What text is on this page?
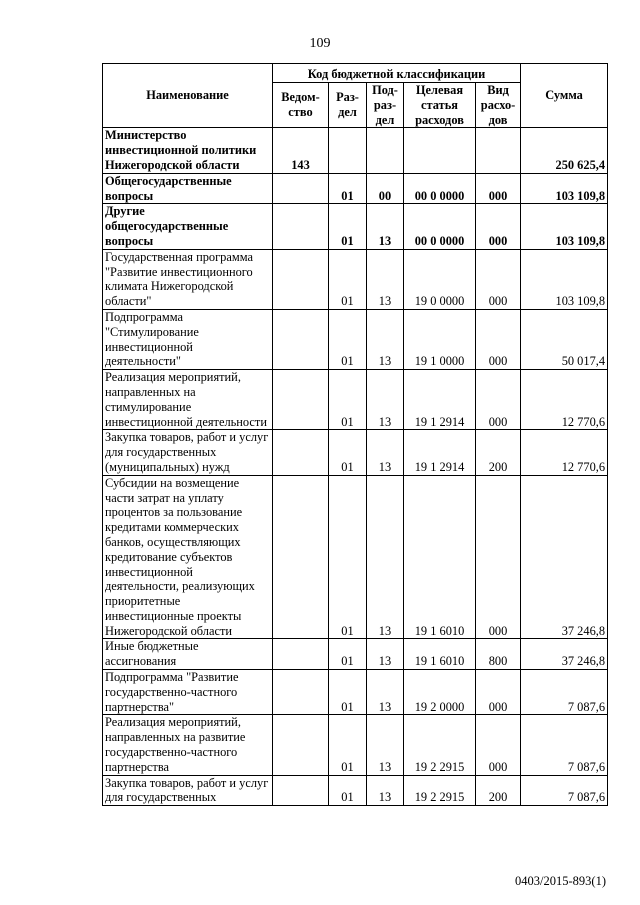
109
Наименование	Код бюджетной классификации					Сумма
	Ведом-ство	Раз-дел	Под-раз-дел	Целевая статья расходов	Вид расхо-дов	
Министерство инвестиционной политики Нижегородской области	143					250 625,4
Общегосударственные вопросы		01	00	00 0 0000	000	103 109,8
Другие общегосударственные вопросы		01	13	00 0 0000	000	103 109,8
Государственная программа "Развитие инвестиционного климата Нижегородской области"		01	13	19 0 0000	000	103 109,8
Подпрограмма "Стимулирование инвестиционной деятельности"		01	13	19 1 0000	000	50 017,4
Реализация мероприятий, направленных на стимулирование инвестиционной деятельности		01	13	19 1 2914	000	12 770,6
Закупка товаров, работ и услуг для государственных (муниципальных) нужд		01	13	19 1 2914	200	12 770,6
Субсидии на возмещение части затрат на уплату процентов за пользование кредитами коммерческих банков, осуществляющих кредитование субъектов инвестиционной деятельности, реализующих приоритетные инвестиционные проекты Нижегородской области		01	13	19 1 6010	000	37 246,8
Иные бюджетные ассигнования		01	13	19 1 6010	800	37 246,8
Подпрограмма "Развитие государственно-частного партнерства"		01	13	19 2 0000	000	7 087,6
Реализация мероприятий, направленных на развитие государственно-частного партнерства		01	13	19 2 2915	000	7 087,6
Закупка товаров, работ и услуг для государственных		01	13	19 2 2915	200	7 087,6
0403/2015-893(1)
